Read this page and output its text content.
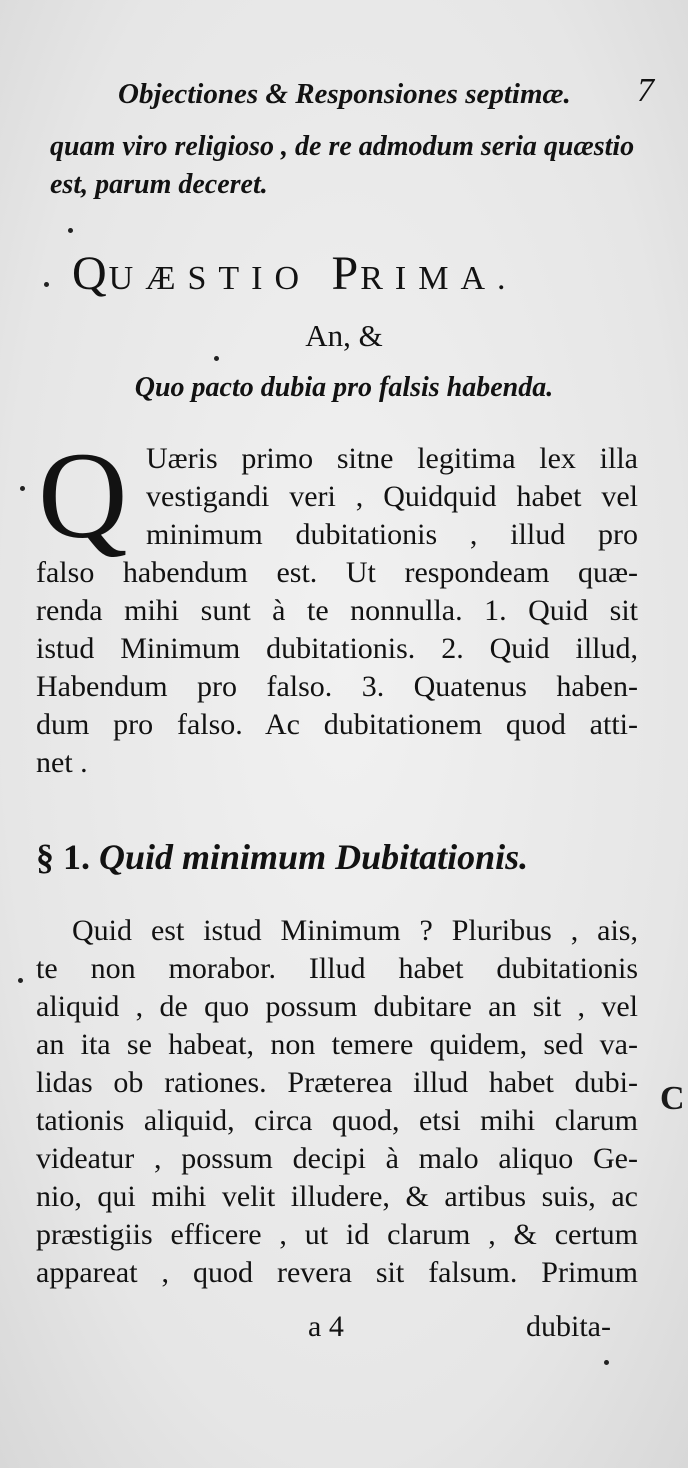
Objectiones & Responsiones septimæ. 7
quam viro religioso , de re admodum seria quæstio
est, parum deceret.
QUÆSTIO PRIMA.
An, &
Quo pacto dubia pro falsis habenda.
Q Uæris primo sitne legitima lex illa
vestigandi veri , Quidquid habet vel
minimum dubitationis , illud pro
falso habendum est. Ut respondeam quæ-
renda mihi sunt à te nonnulla. 1. Quid sit
istud Minimum dubitationis. 2. Quid illud,
Habendum pro falso. 3. Quatenus haben-
dum pro falso. Ac dubitationem quod atti-
net .
§ 1. Quid minimum Dubitationis.
Quid est istud Minimum ? Pluribus , ais,
te non morabor. Illud habet dubitationis
aliquid , de quo possum dubitare an sit , vel
an ita se habeat, non temere quidem, sed va-
lidas ob rationes. Præterea illud habet dubi-
tationis aliquid, circa quod, etsi mihi clarum
videatur , possum decipi à malo aliquo Ge-
nio, qui mihi velit illudere, & artibus suis, ac
præstigiis efficere , ut id clarum , & certum
appareat , quod revera sit falsum. Primum
a 4	dubita-
C
